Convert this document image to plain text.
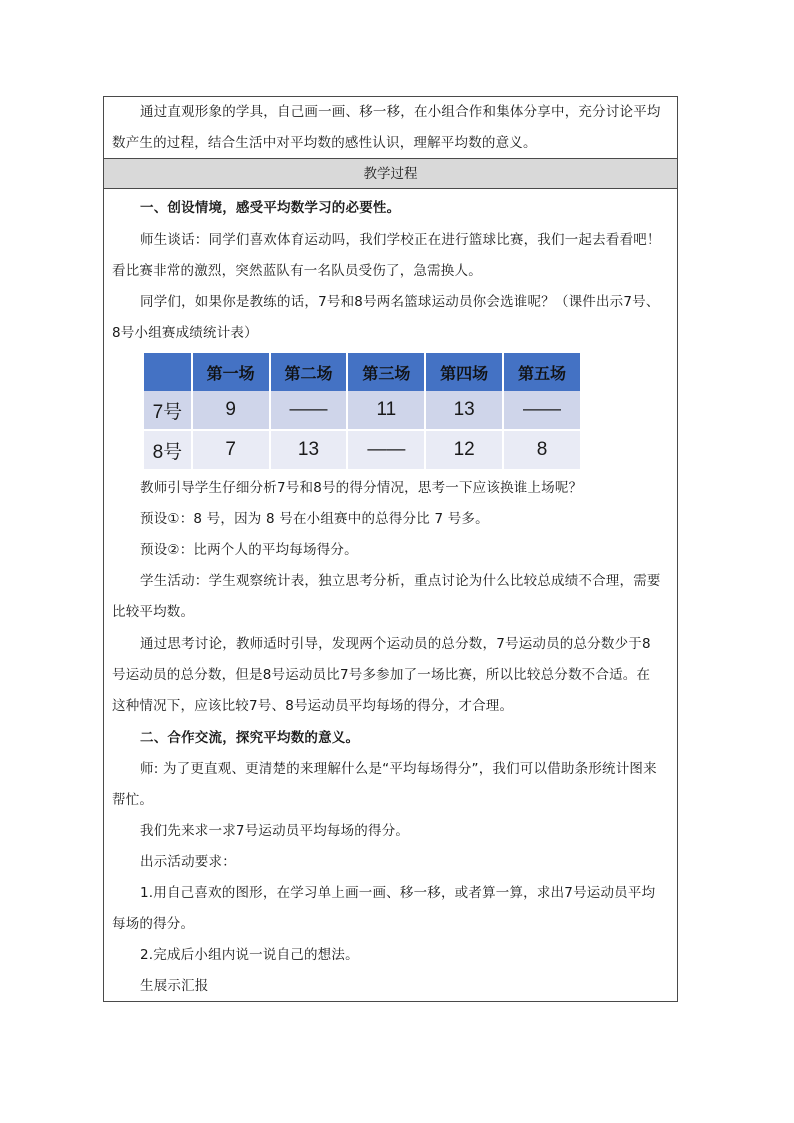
通过直观形象的学具，自己画一画、移一移，在小组合作和集体分享中，充分讨论平均
数产生的过程，结合生活中对平均数的感性认识，理解平均数的意义。
教学过程
一、创设情境，感受平均数学习的必要性。
师生谈话：同学们喜欢体育运动吗，我们学校正在进行篮球比赛，我们一起去看看吧！
看比赛非常的激烈，突然蓝队有一名队员受伤了，急需换人。
同学们，如果你是教练的话，7号和8号两名篮球运动员你会选谁呢？（课件出示7号、
8号小组赛成绩统计表）
	第一场	第二场	第三场	第四场	第五场
7号	9	——	11	13	——
8号	7	13	——	12	8
教师引导学生仔细分析7号和8号的得分情况，思考一下应该换谁上场呢？
预设①：8 号，因为 8 号在小组赛中的总得分比 7 号多。
预设②：比两个人的平均每场得分。
学生活动：学生观察统计表，独立思考分析，重点讨论为什么比较总成绩不合理，需要
比较平均数。
通过思考讨论，教师适时引导，发现两个运动员的总分数，7号运动员的总分数少于8
号运动员的总分数，但是8号运动员比7号多参加了一场比赛，所以比较总分数不合适。在
这种情况下，应该比较7号、8号运动员平均每场的得分，才合理。
二、合作交流，探究平均数的意义。
师: 为了更直观、更清楚的来理解什么是“平均每场得分”，我们可以借助条形统计图来
帮忙。
我们先来求一求7号运动员平均每场的得分。
出示活动要求：
1.用自己喜欢的图形，在学习单上画一画、移一移，或者算一算，求出7号运动员平均
每场的得分。
2.完成后小组内说一说自己的想法。
生展示汇报
